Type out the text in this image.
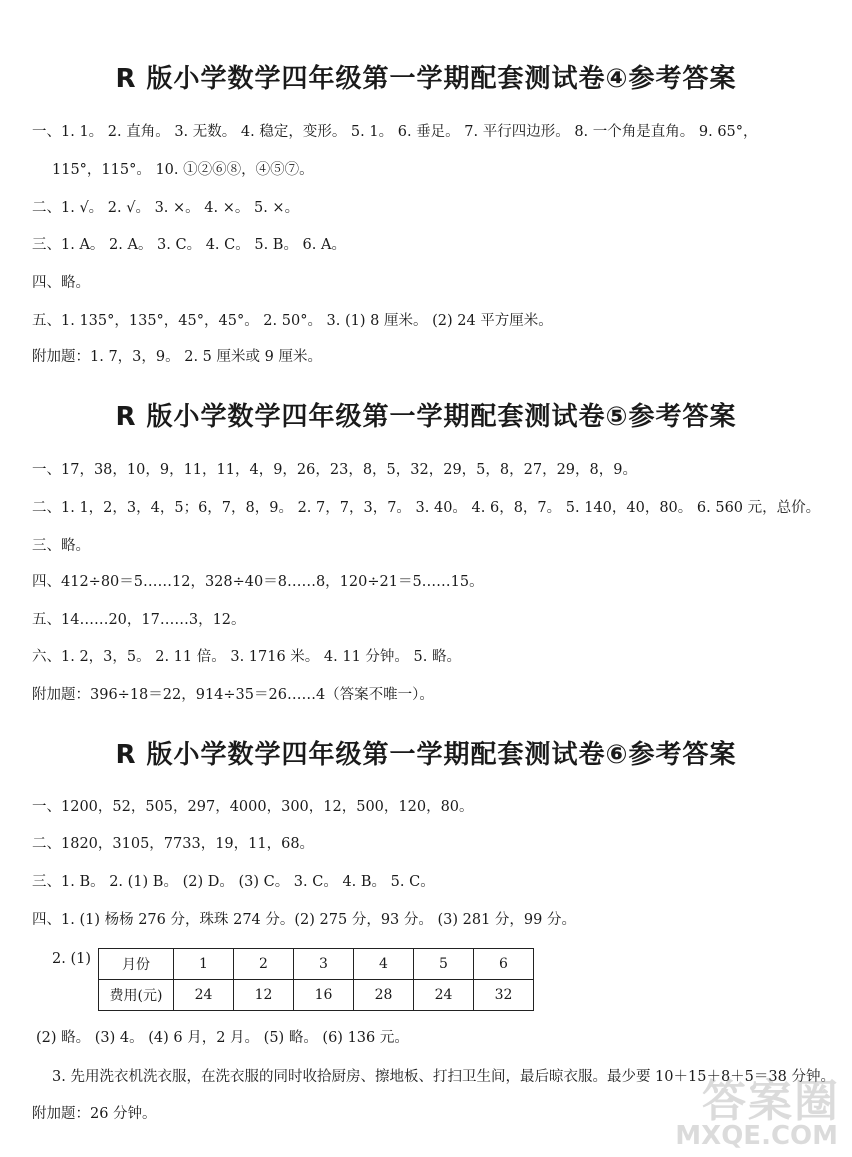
R 版小学数学四年级第一学期配套测试卷④参考答案
一、1. 1。 2. 直角。 3. 无数。 4. 稳定，变形。 5. 1。 6. 垂足。 7. 平行四边形。 8. 一个角是直角。 9. 65°，
115°，115°。 10. ①②⑥⑧，④⑤⑦。
二、1. √。 2. √。 3. ×。 4. ×。 5. ×。
三、1. A。 2. A。 3. C。 4. C。 5. B。 6. A。
四、略。
五、1. 135°，135°，45°，45°。 2. 50°。 3. (1) 8 厘米。 (2) 24 平方厘米。
附加题：1. 7，3，9。 2. 5 厘米或 9 厘米。
R 版小学数学四年级第一学期配套测试卷⑤参考答案
一、17，38，10，9，11，11，4，9，26，23，8，5，32，29，5，8，27，29，8，9。
二、1. 1，2，3，4，5；6，7，8，9。 2. 7，7，3，7。 3. 40。 4. 6，8，7。 5. 140，40，80。 6. 560 元，总价。
三、略。
四、412÷80＝5……12，328÷40＝8……8，120÷21＝5……15。
五、14……20，17……3，12。
六、1. 2，3，5。 2. 11 倍。 3. 1716 米。 4. 11 分钟。 5. 略。
附加题：396÷18＝22，914÷35＝26……4（答案不唯一）。
R 版小学数学四年级第一学期配套测试卷⑥参考答案
一、1200，52，505，297，4000，300，12，500，120，80。
二、1820，3105，7733，19，11，68。
三、1. B。 2. (1) B。 (2) D。 (3) C。 3. C。 4. B。 5. C。
四、1. (1) 杨杨 276 分，珠珠 274 分。(2) 275 分，93 分。 (3) 281 分，99 分。
2. (1) 月份	1	2	3	4	5	6
费用(元)	24	12	16	28	24	32
(2) 略。 (3) 4。 (4) 6 月，2 月。 (5) 略。 (6) 136 元。
3. 先用洗衣机洗衣服，在洗衣服的同时收拾厨房、擦地板、打扫卫生间，最后晾衣服。最少要 10＋15＋8＋5＝38 分钟。
附加题：26 分钟。	答案圈
MXQE.COM
